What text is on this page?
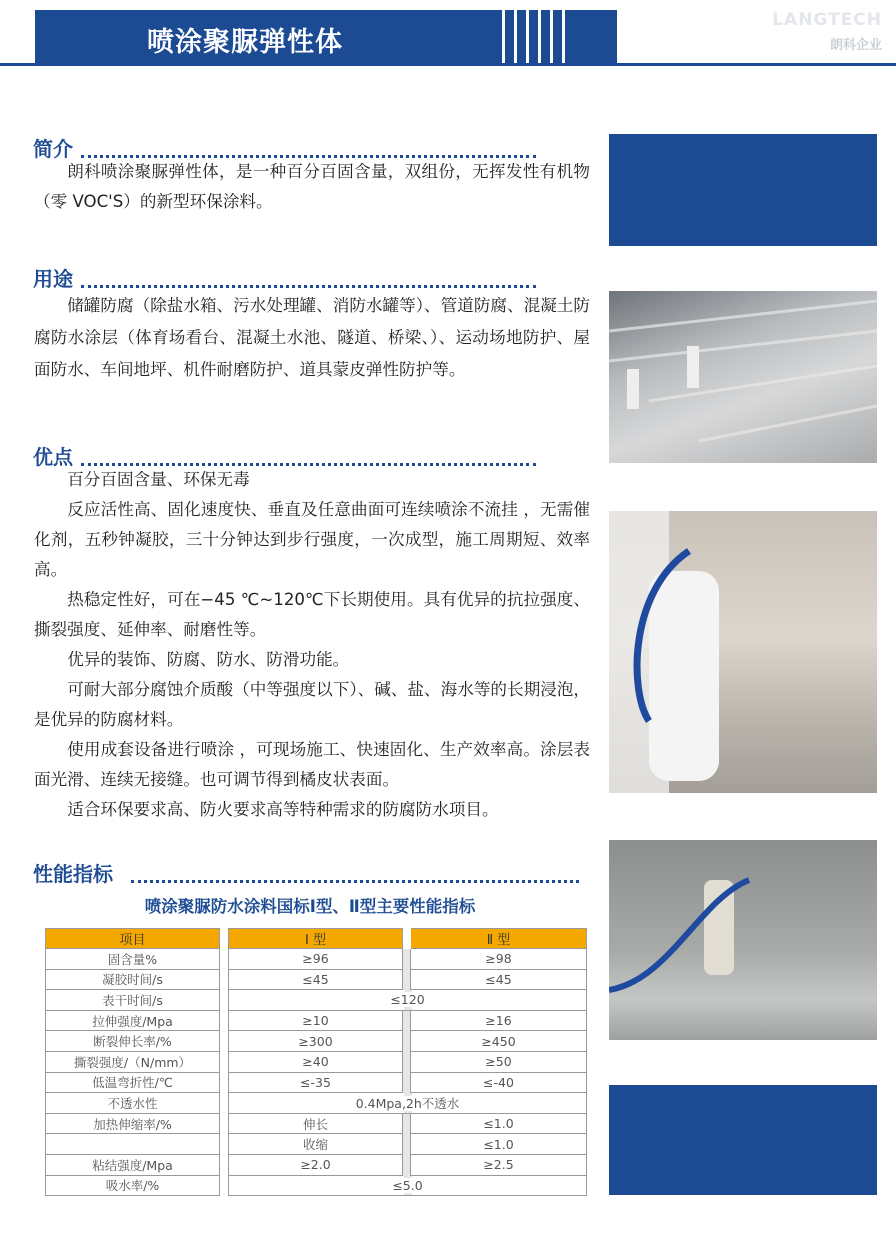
喷涂聚脲弹性体
LANGTECH
朗科企业
简介

朗科喷涂聚脲弹性体，是一种百分百固含量，双组份，无挥发性有机物（零 VOC'S）的新型环保涂料。

用途

储罐防腐（除盐水箱、污水处理罐、消防水罐等）、管道防腐、混凝土防腐防水涂层（体育场看台、混凝土水池、隧道、桥梁、）、运动场地防护、屋面防水、车间地坪、机件耐磨防护、道具蒙皮弹性防护等。

优点

百分百固含量、环保无毒

反应活性高、固化速度快、垂直及任意曲面可连续喷涂不流挂 ，无需催化剂，五秒钟凝胶，三十分钟达到步行强度，一次成型，施工周期短、效率高。

热稳定性好，可在−45 ℃~120℃下长期使用。具有优异的抗拉强度、撕裂强度、延伸率、耐磨性等。

优异的装饰、防腐、防水、防滑功能。

可耐大部分腐蚀介质酸（中等强度以下）、碱、盐、海水等的长期浸泡，是优异的防腐材料。

使用成套设备进行喷涂 ，可现场施工、快速固化、生产效率高。涂层表面光滑、连续无接缝。也可调节得到橘皮状表面。

适合环保要求高、防火要求高等特种需求的防腐防水项目。

性能指标
喷涂聚脲防水涂料国标Ⅰ型、Ⅱ型主要性能指标
项目		Ⅰ 型		Ⅱ 型
固含量%		≥96		≥98
凝胶时间/s		≤45		≤45
表干时间/s		≤120		
拉伸强度/Mpa		≥10		≥16
断裂伸长率/%		≥300		≥450
撕裂强度/（N/mm）		≥40		≥50
低温弯折性/℃		≤-35		≤-40
不透水性		0.4Mpa,2h不透水		
加热伸缩率/%		伸长		≤1.0
		收缩		≤1.0
粘结强度/Mpa		≥2.0		≥2.5
吸水率/%		≤5.0		
